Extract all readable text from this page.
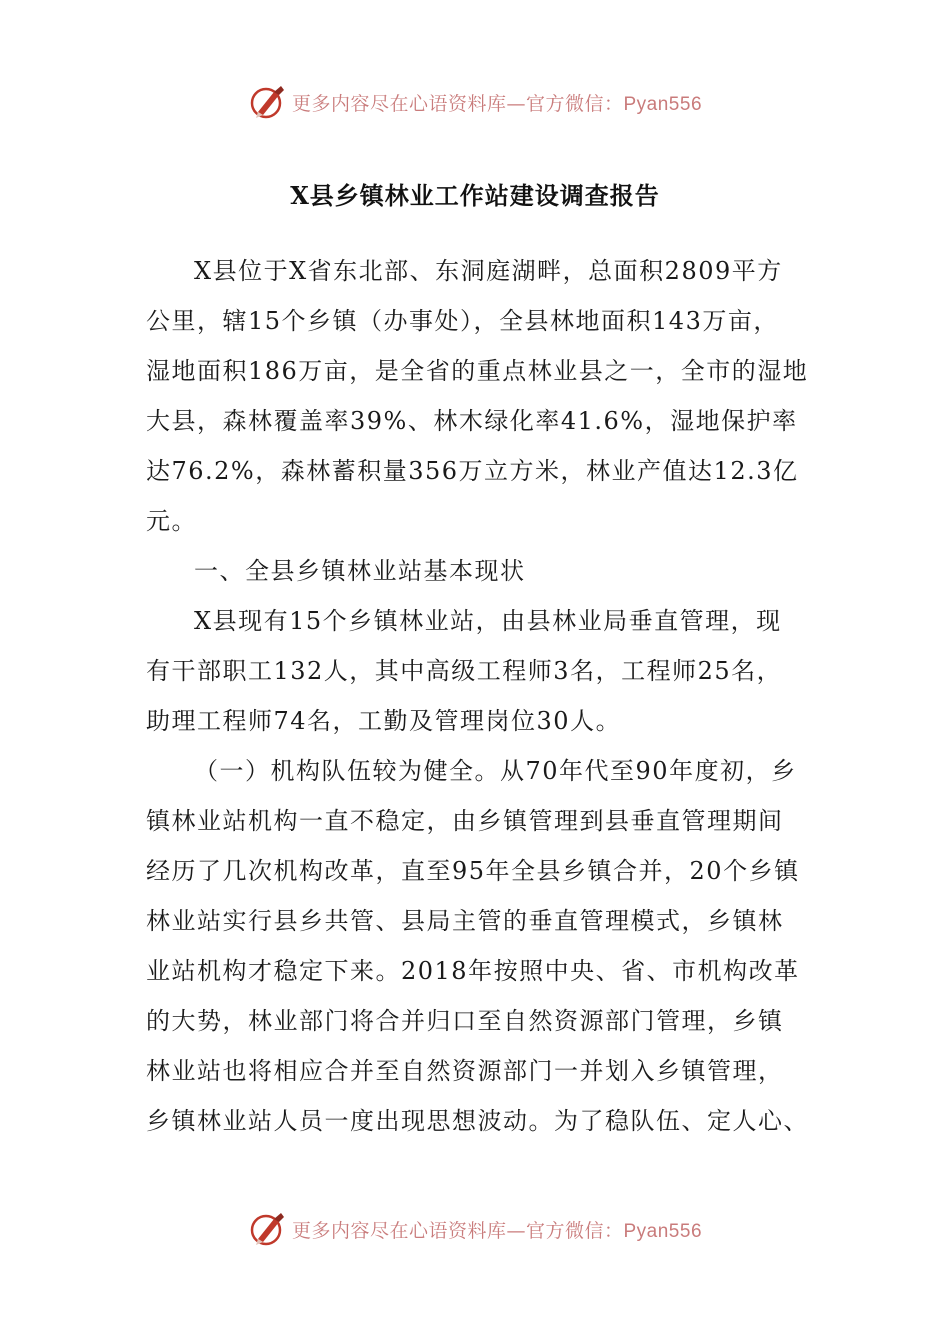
更多内容尽在心语资料库—官方微信：Pyan556
X县乡镇林业工作站建设调查报告
X县位于X省东北部、东洞庭湖畔，总面积2809平方
公里，辖15个乡镇（办事处），全县林地面积143万亩，
湿地面积186万亩，是全省的重点林业县之一，全市的湿地
大县，森林覆盖率39%、林木绿化率41.6%，湿地保护率
达76.2%，森林蓄积量356万立方米，林业产值达12.3亿
元。
一、全县乡镇林业站基本现状
X县现有15个乡镇林业站，由县林业局垂直管理，现
有干部职工132人，其中高级工程师3名，工程师25名，
助理工程师74名，工勤及管理岗位30人。
（一）机构队伍较为健全。从70年代至90年度初，乡
镇林业站机构一直不稳定，由乡镇管理到县垂直管理期间
经历了几次机构改革，直至95年全县乡镇合并，20个乡镇
林业站实行县乡共管、县局主管的垂直管理模式，乡镇林
业站机构才稳定下来。2018年按照中央、省、市机构改革
的大势，林业部门将合并归口至自然资源部门管理，乡镇
林业站也将相应合并至自然资源部门一并划入乡镇管理，
乡镇林业站人员一度出现思想波动。为了稳队伍、定人心、
更多内容尽在心语资料库—官方微信：Pyan556
